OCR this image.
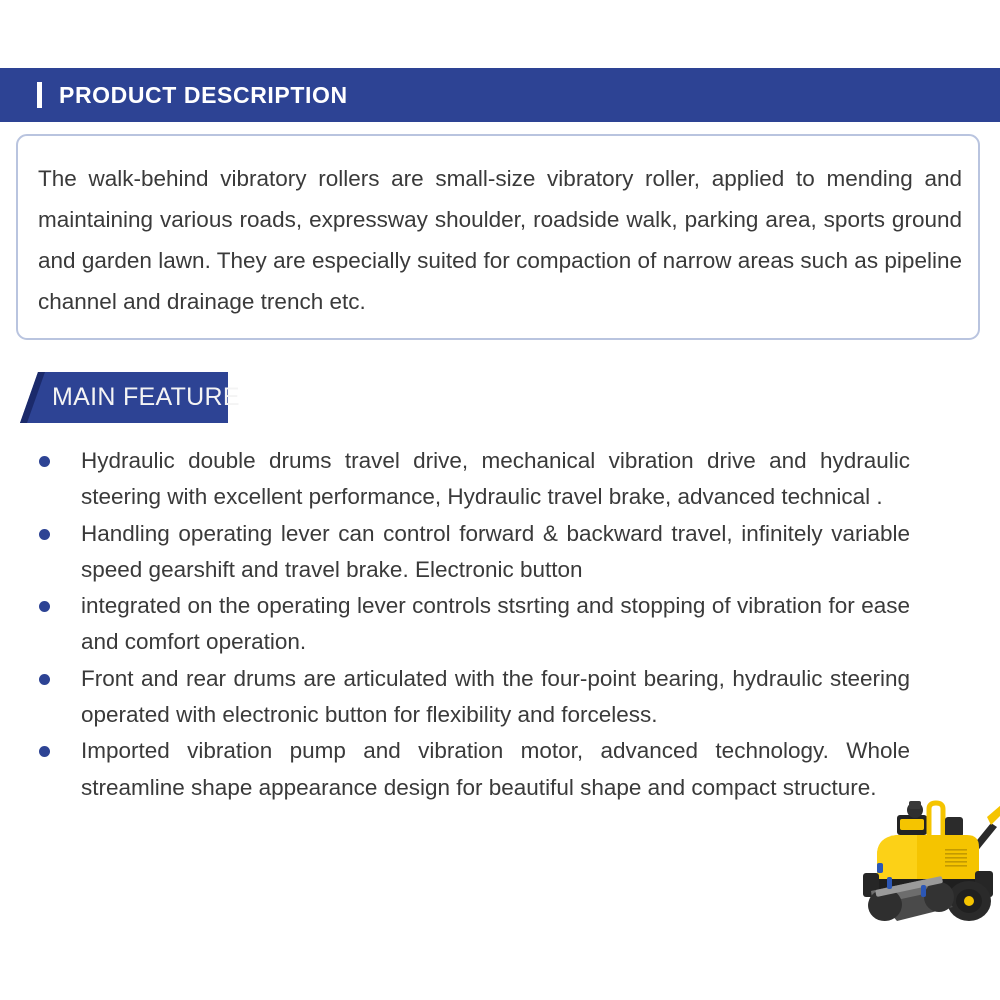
PRODUCT DESCRIPTION
The walk-behind vibratory rollers are small-size vibratory roller, applied to mending and maintaining various roads, expressway shoulder, roadside walk, parking area, sports ground and garden lawn. They are especially suited for compaction of narrow areas such as pipeline channel and drainage trench etc.
MAIN FEATURE
Hydraulic double drums travel drive, mechanical vibration drive and hydraulic steering with excellent performance, Hydraulic travel brake, advanced technical .
Handling operating lever can control forward & backward travel, infinitely variable speed gearshift and travel brake. Electronic button
integrated on the operating lever controls stsrting and stopping of vibration for ease and comfort operation.
Front and rear drums are articulated with the four-point bearing, hydraulic steering operated with electronic button for flexibility and forceless.
Imported vibration pump and vibration motor, advanced technology. Whole streamline shape appearance design for beautiful shape and compact structure.
